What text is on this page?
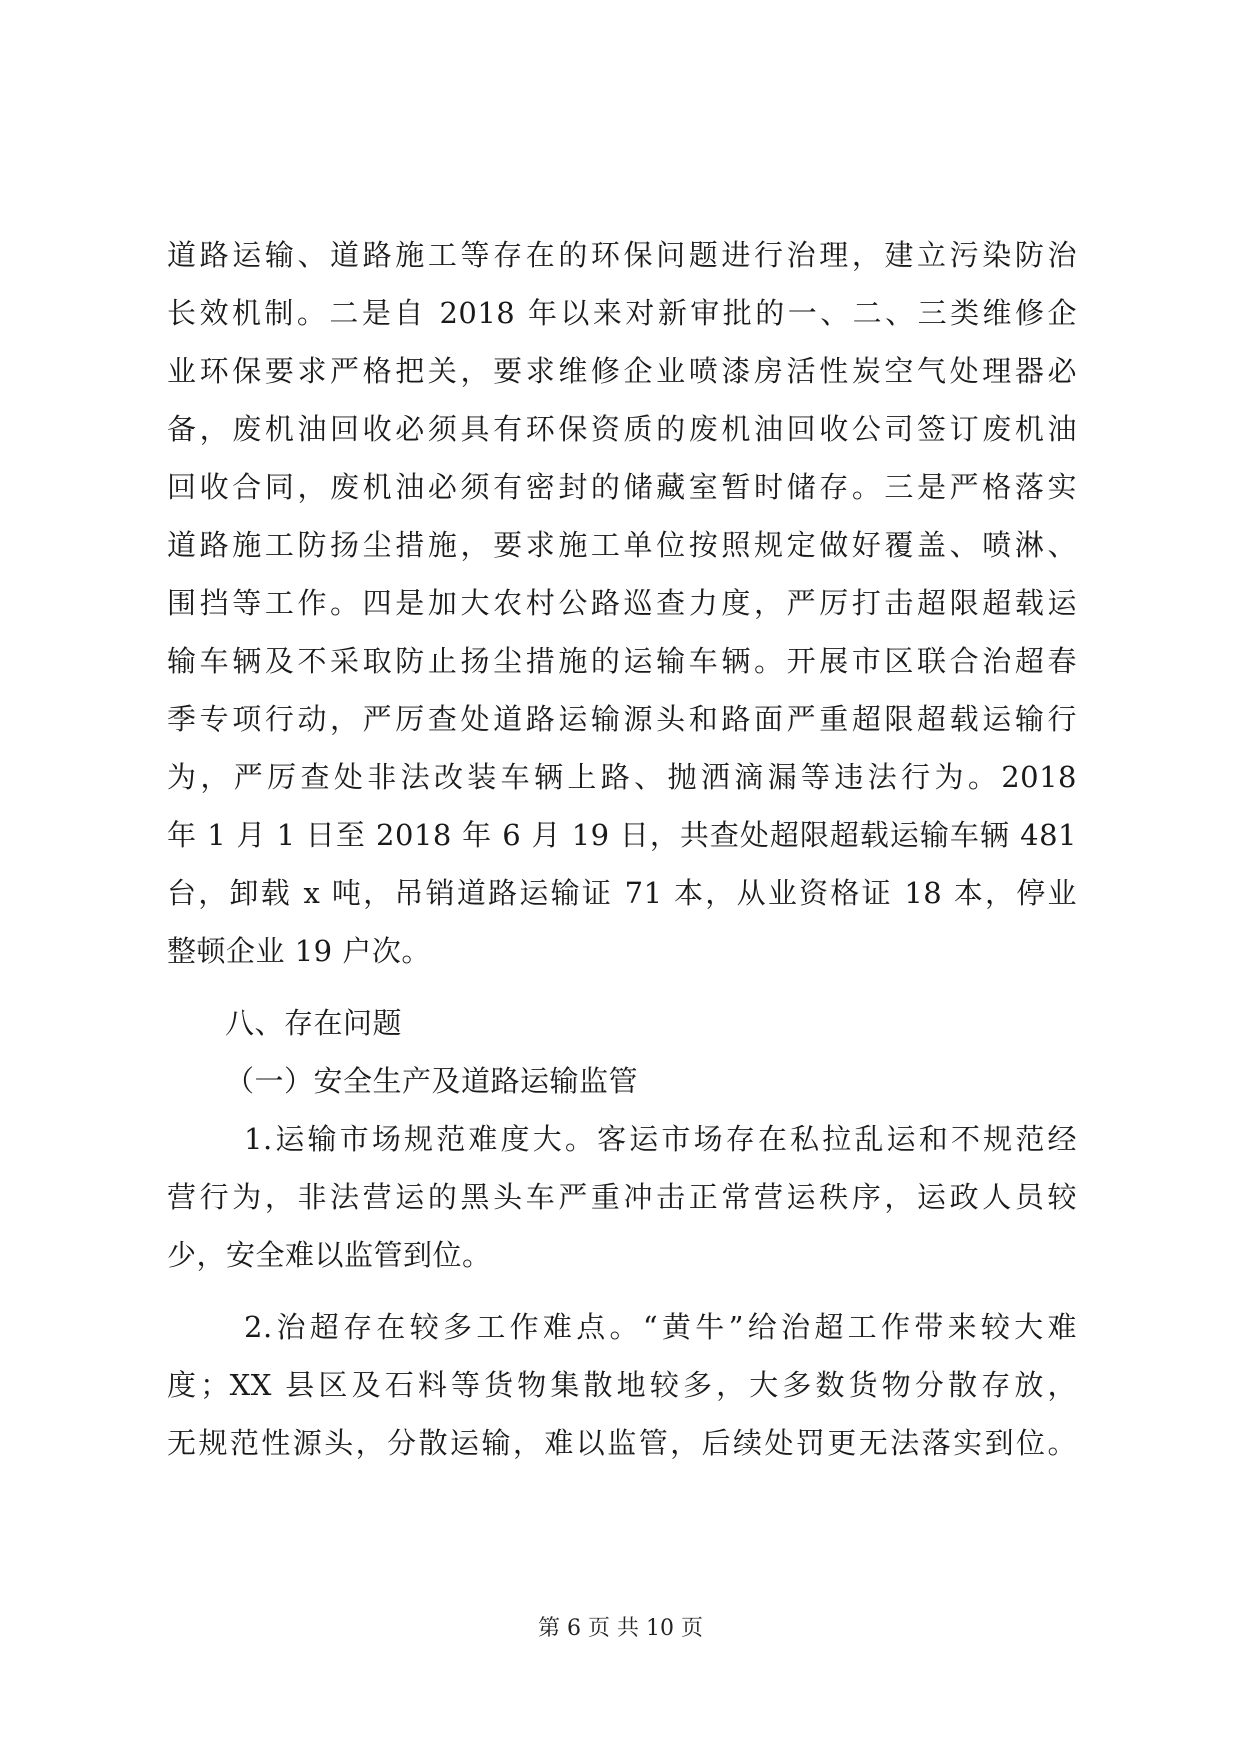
道路运输、道路施工等存在的环保问题进行治理，建立污染防治
长效机制。二是自 2018 年以来对新审批的一、二、三类维修企
业环保要求严格把关，要求维修企业喷漆房活性炭空气处理器必
备，废机油回收必须具有环保资质的废机油回收公司签订废机油
回收合同，废机油必须有密封的储藏室暂时储存。三是严格落实
道路施工防扬尘措施，要求施工单位按照规定做好覆盖、喷淋、
围挡等工作。四是加大农村公路巡查力度，严厉打击超限超载运
输车辆及不采取防止扬尘措施的运输车辆。开展市区联合治超春
季专项行动，严厉查处道路运输源头和路面严重超限超载运输行
为，严厉查处非法改装车辆上路、抛洒滴漏等违法行为。2018
年 1 月 1 日至 2018 年 6 月 19 日，共查处超限超载运输车辆 481
台，卸载 x 吨，吊销道路运输证 71 本，从业资格证 18 本，停业
整顿企业 19 户次。
八、存在问题
（一）安全生产及道路运输监管
1.运输市场规范难度大。客运市场存在私拉乱运和不规范经
营行为，非法营运的黑头车严重冲击正常营运秩序，运政人员较
少，安全难以监管到位。
2.治超存在较多工作难点。“黄牛”给治超工作带来较大难
度；XX 县区及石料等货物集散地较多，大多数货物分散存放，
无规范性源头，分散运输，难以监管，后续处罚更无法落实到位。
第 6 页 共 10 页
